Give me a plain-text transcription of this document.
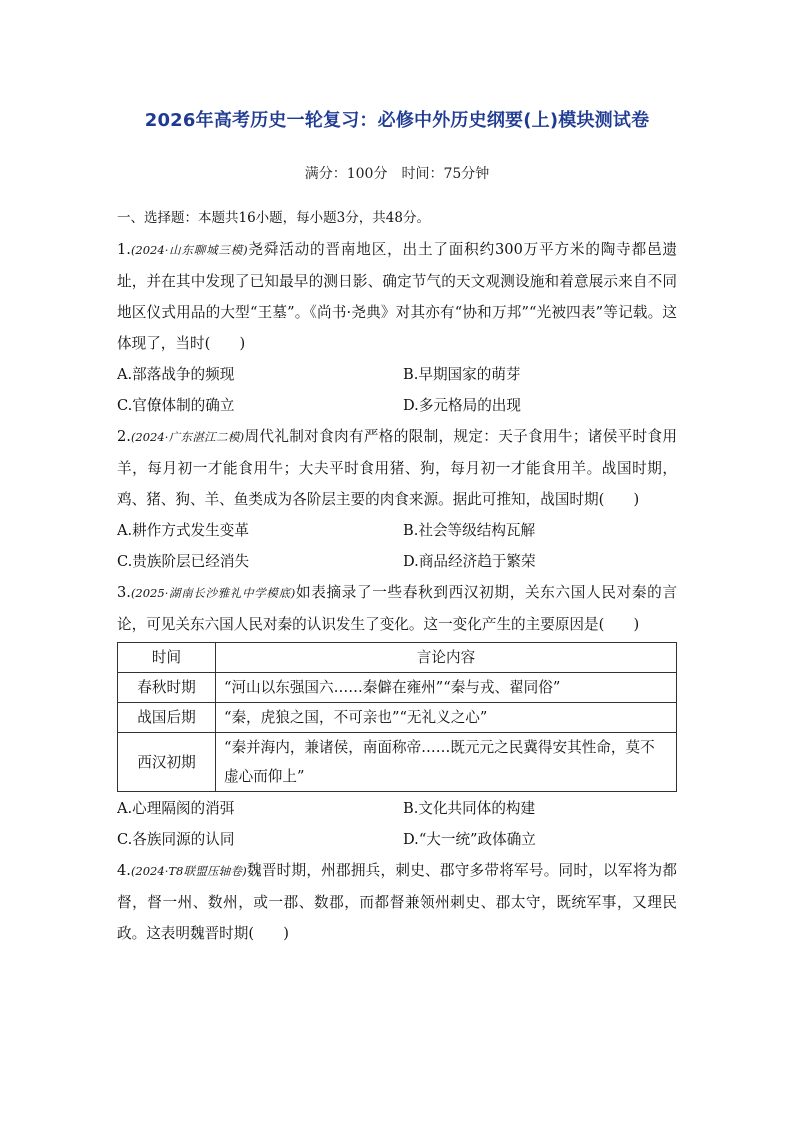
2026年高考历史一轮复习：必修中外历史纲要(上)模块测试卷
满分：100分　时间：75分钟

一、选择题：本题共16小题，每小题3分，共48分。

1.(2024·山东聊城三模)尧舜活动的晋南地区，出土了面积约300万平方米的陶寺都邑遗址，并在其中发现了已知最早的测日影、确定节气的天文观测设施和着意展示来自不同地区仪式用品的大型“王墓”。《尚书·尧典》对其亦有“协和万邦”“光被四表”等记载。这体现了，当时(　　)

A.部落战争的频现	B.早期国家的萌芽
C.官僚体制的确立	D.多元格局的出现

2.(2024·广东湛江二模)周代礼制对食肉有严格的限制，规定：天子食用牛；诸侯平时食用羊，每月初一才能食用牛；大夫平时食用猪、狗，每月初一才能食用羊。战国时期，鸡、猪、狗、羊、鱼类成为各阶层主要的肉食来源。据此可推知，战国时期(　　)

A.耕作方式发生变革	B.社会等级结构瓦解
C.贵族阶层已经消失	D.商品经济趋于繁荣

3.(2025·湖南长沙雅礼中学模底)如表摘录了一些春秋到西汉初期，关东六国人民对秦的言论，可见关东六国人民对秦的认识发生了变化。这一变化产生的主要原因是(　　)

时间	言论内容
春秋时期	“河山以东强国六……秦僻在雍州”“秦与戎、翟同俗”
战国后期	“秦，虎狼之国，不可亲也”“无礼义之心”
西汉初期	“秦并海内，兼诸侯，南面称帝……既元元之民冀得安其性命，莫不虚心而仰上”
A.心理隔阂的消弭	B.文化共同体的构建
C.各族同源的认同	D.“大一统”政体确立

4.(2024·T8联盟压轴卷)魏晋时期，州郡拥兵，刺史、郡守多带将军号。同时，以军将为都督，督一州、数州，或一郡、数郡，而都督兼领州刺史、郡太守，既统军事，又理民政。这表明魏晋时期(　　)
